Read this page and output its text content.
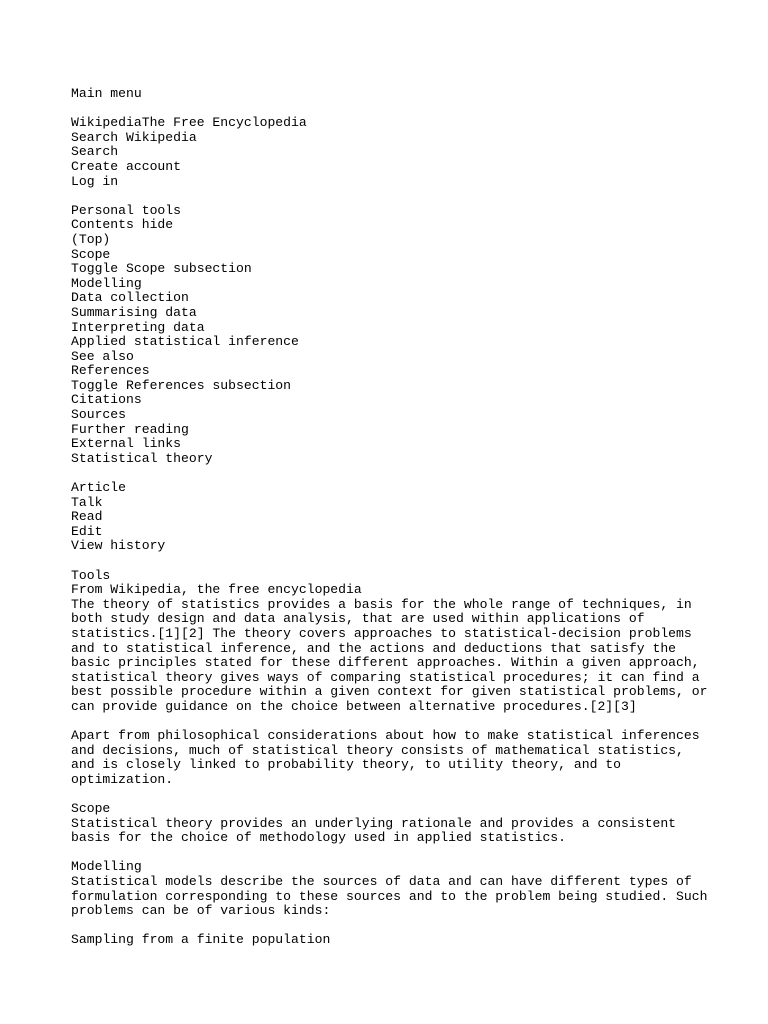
Main menu
WikipediaThe Free Encyclopedia
Search Wikipedia
Search
Create account
Log in
Personal tools
Contents hide
(Top)
Scope
Toggle Scope subsection
Modelling
Data collection
Summarising data
Interpreting data
Applied statistical inference
See also
References
Toggle References subsection
Citations
Sources
Further reading
External links
Statistical theory
Article
Talk
Read
Edit
View history
Tools
From Wikipedia, the free encyclopedia
The theory of statistics provides a basis for the whole range of techniques, in both study design and data analysis, that are used within applications of statistics.[1][2] The theory covers approaches to statistical-decision problems and to statistical inference, and the actions and deductions that satisfy the basic principles stated for these different approaches. Within a given approach, statistical theory gives ways of comparing statistical procedures; it can find a best possible procedure within a given context for given statistical problems, or can provide guidance on the choice between alternative procedures.[2][3]
Apart from philosophical considerations about how to make statistical inferences and decisions, much of statistical theory consists of mathematical statistics, and is closely linked to probability theory, to utility theory, and to optimization.
Scope
Statistical theory provides an underlying rationale and provides a consistent basis for the choice of methodology used in applied statistics.
Modelling
Statistical models describe the sources of data and can have different types of formulation corresponding to these sources and to the problem being studied. Such problems can be of various kinds:
Sampling from a finite population
